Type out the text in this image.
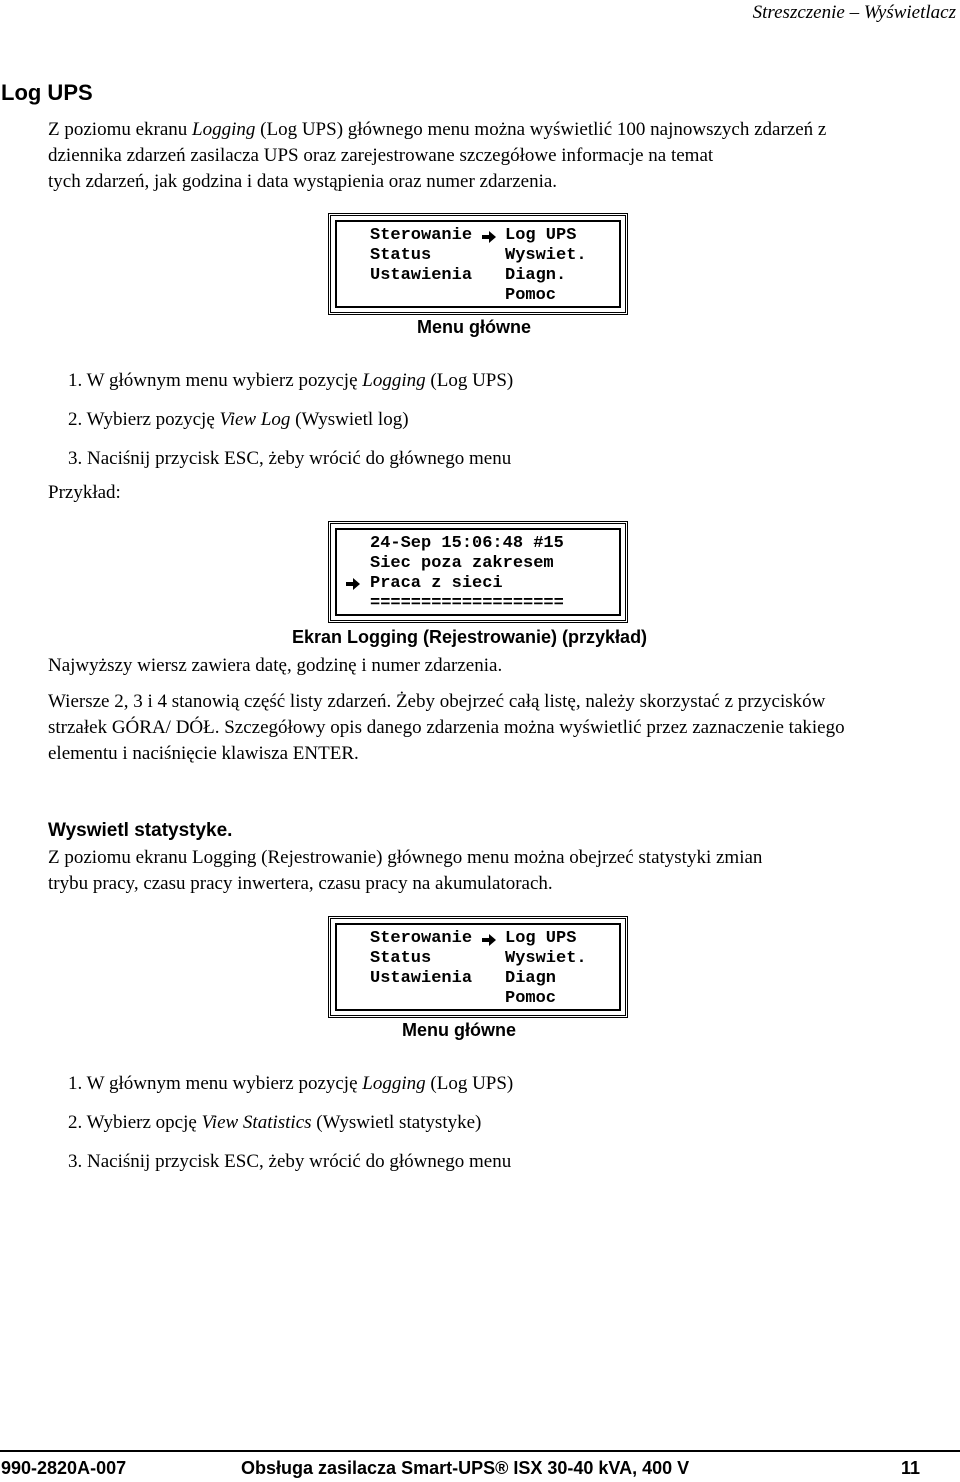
Streszczenie – Wyświetlacz
Log UPS

Z poziomu ekranu Logging (Log UPS) głównego menu można wyświetlić 100 najnowszych zdarzeń z

dziennika zdarzeń zasilacza UPS oraz zarejestrowane szczegółowe informacje na temat

tych zdarzeń, jak godzina i data wystąpienia oraz numer zdarzenia.

Sterowanie
Status
Ustawienia
Log UPS
Wyswiet.
Diagn.
Pomoc
Menu główne
1. W głównym menu wybierz pozycję Logging (Log UPS)
2. Wybierz pozycję View Log (Wyswietl log)
3. Naciśnij przycisk ESC, żeby wrócić do głównego menu
Przykład:
24-Sep 15:06:48 #15
Siec poza zakresem
Praca z sieci
===================
Ekran Logging (Rejestrowanie) (przykład)
Najwyższy wiersz zawiera datę, godzinę i numer zdarzenia.

Wiersze 2, 3 i 4 stanowią część listy zdarzeń. Żeby obejrzeć całą listę, należy skorzystać z przycisków

strzałek GÓRA/ DÓŁ. Szczegółowy opis danego zdarzenia można wyświetlić przez zaznaczenie takiego

elementu i naciśnięcie klawisza ENTER.

Wyswietl statystyke.

Z poziomu ekranu Logging (Rejestrowanie) głównego menu można obejrzeć statystyki zmian

trybu pracy, czasu pracy inwertera, czasu pracy na akumulatorach.

Sterowanie
Status
Ustawienia
Log UPS
Wyswiet.
Diagn
Pomoc
Menu główne
1. W głównym menu wybierz pozycję Logging (Log UPS)
2. Wybierz opcję View Statistics (Wyswietl statystyke)
3. Naciśnij przycisk ESC, żeby wrócić do głównego menu
990-2820A-007	Obsługa zasilacza Smart-UPS® ISX 30-40 kVA, 400 V	11
